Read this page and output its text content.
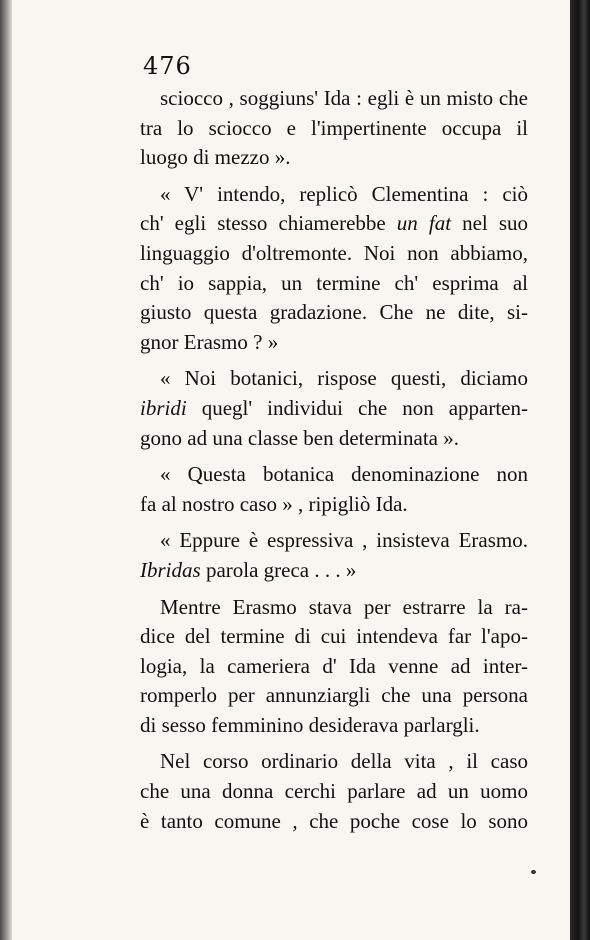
476
sciocco , soggiuns' Ida : egli è un misto che
tra lo sciocco e l'impertinente occupa il
luogo di mezzo ».
« V' intendo, replicò Clementina : ciò
ch' egli stesso chiamerebbe un fat nel suo
linguaggio d'oltremonte. Noi non abbiamo,
ch' io sappia, un termine ch' esprima al
giusto questa gradazione. Che ne dite, si-
gnor Erasmo ? »
« Noi botanici, rispose questi, diciamo
ibridi quegl' individui che non apparten-
gono ad una classe ben determinata ».
« Questa botanica denominazione non
fa al nostro caso » , ripigliò Ida.
« Eppure è espressiva , insisteva Erasmo.
Ibridas parola greca . . . »
Mentre Erasmo stava per estrarre la ra-
dice del termine di cui intendeva far l'apo-
logia, la cameriera d' Ida venne ad inter-
romperlo per annunziargli che una persona
di sesso femminino desiderava parlargli.
Nel corso ordinario della vita , il caso
che una donna cerchi parlare ad un uomo
è tanto comune , che poche cose lo sono
